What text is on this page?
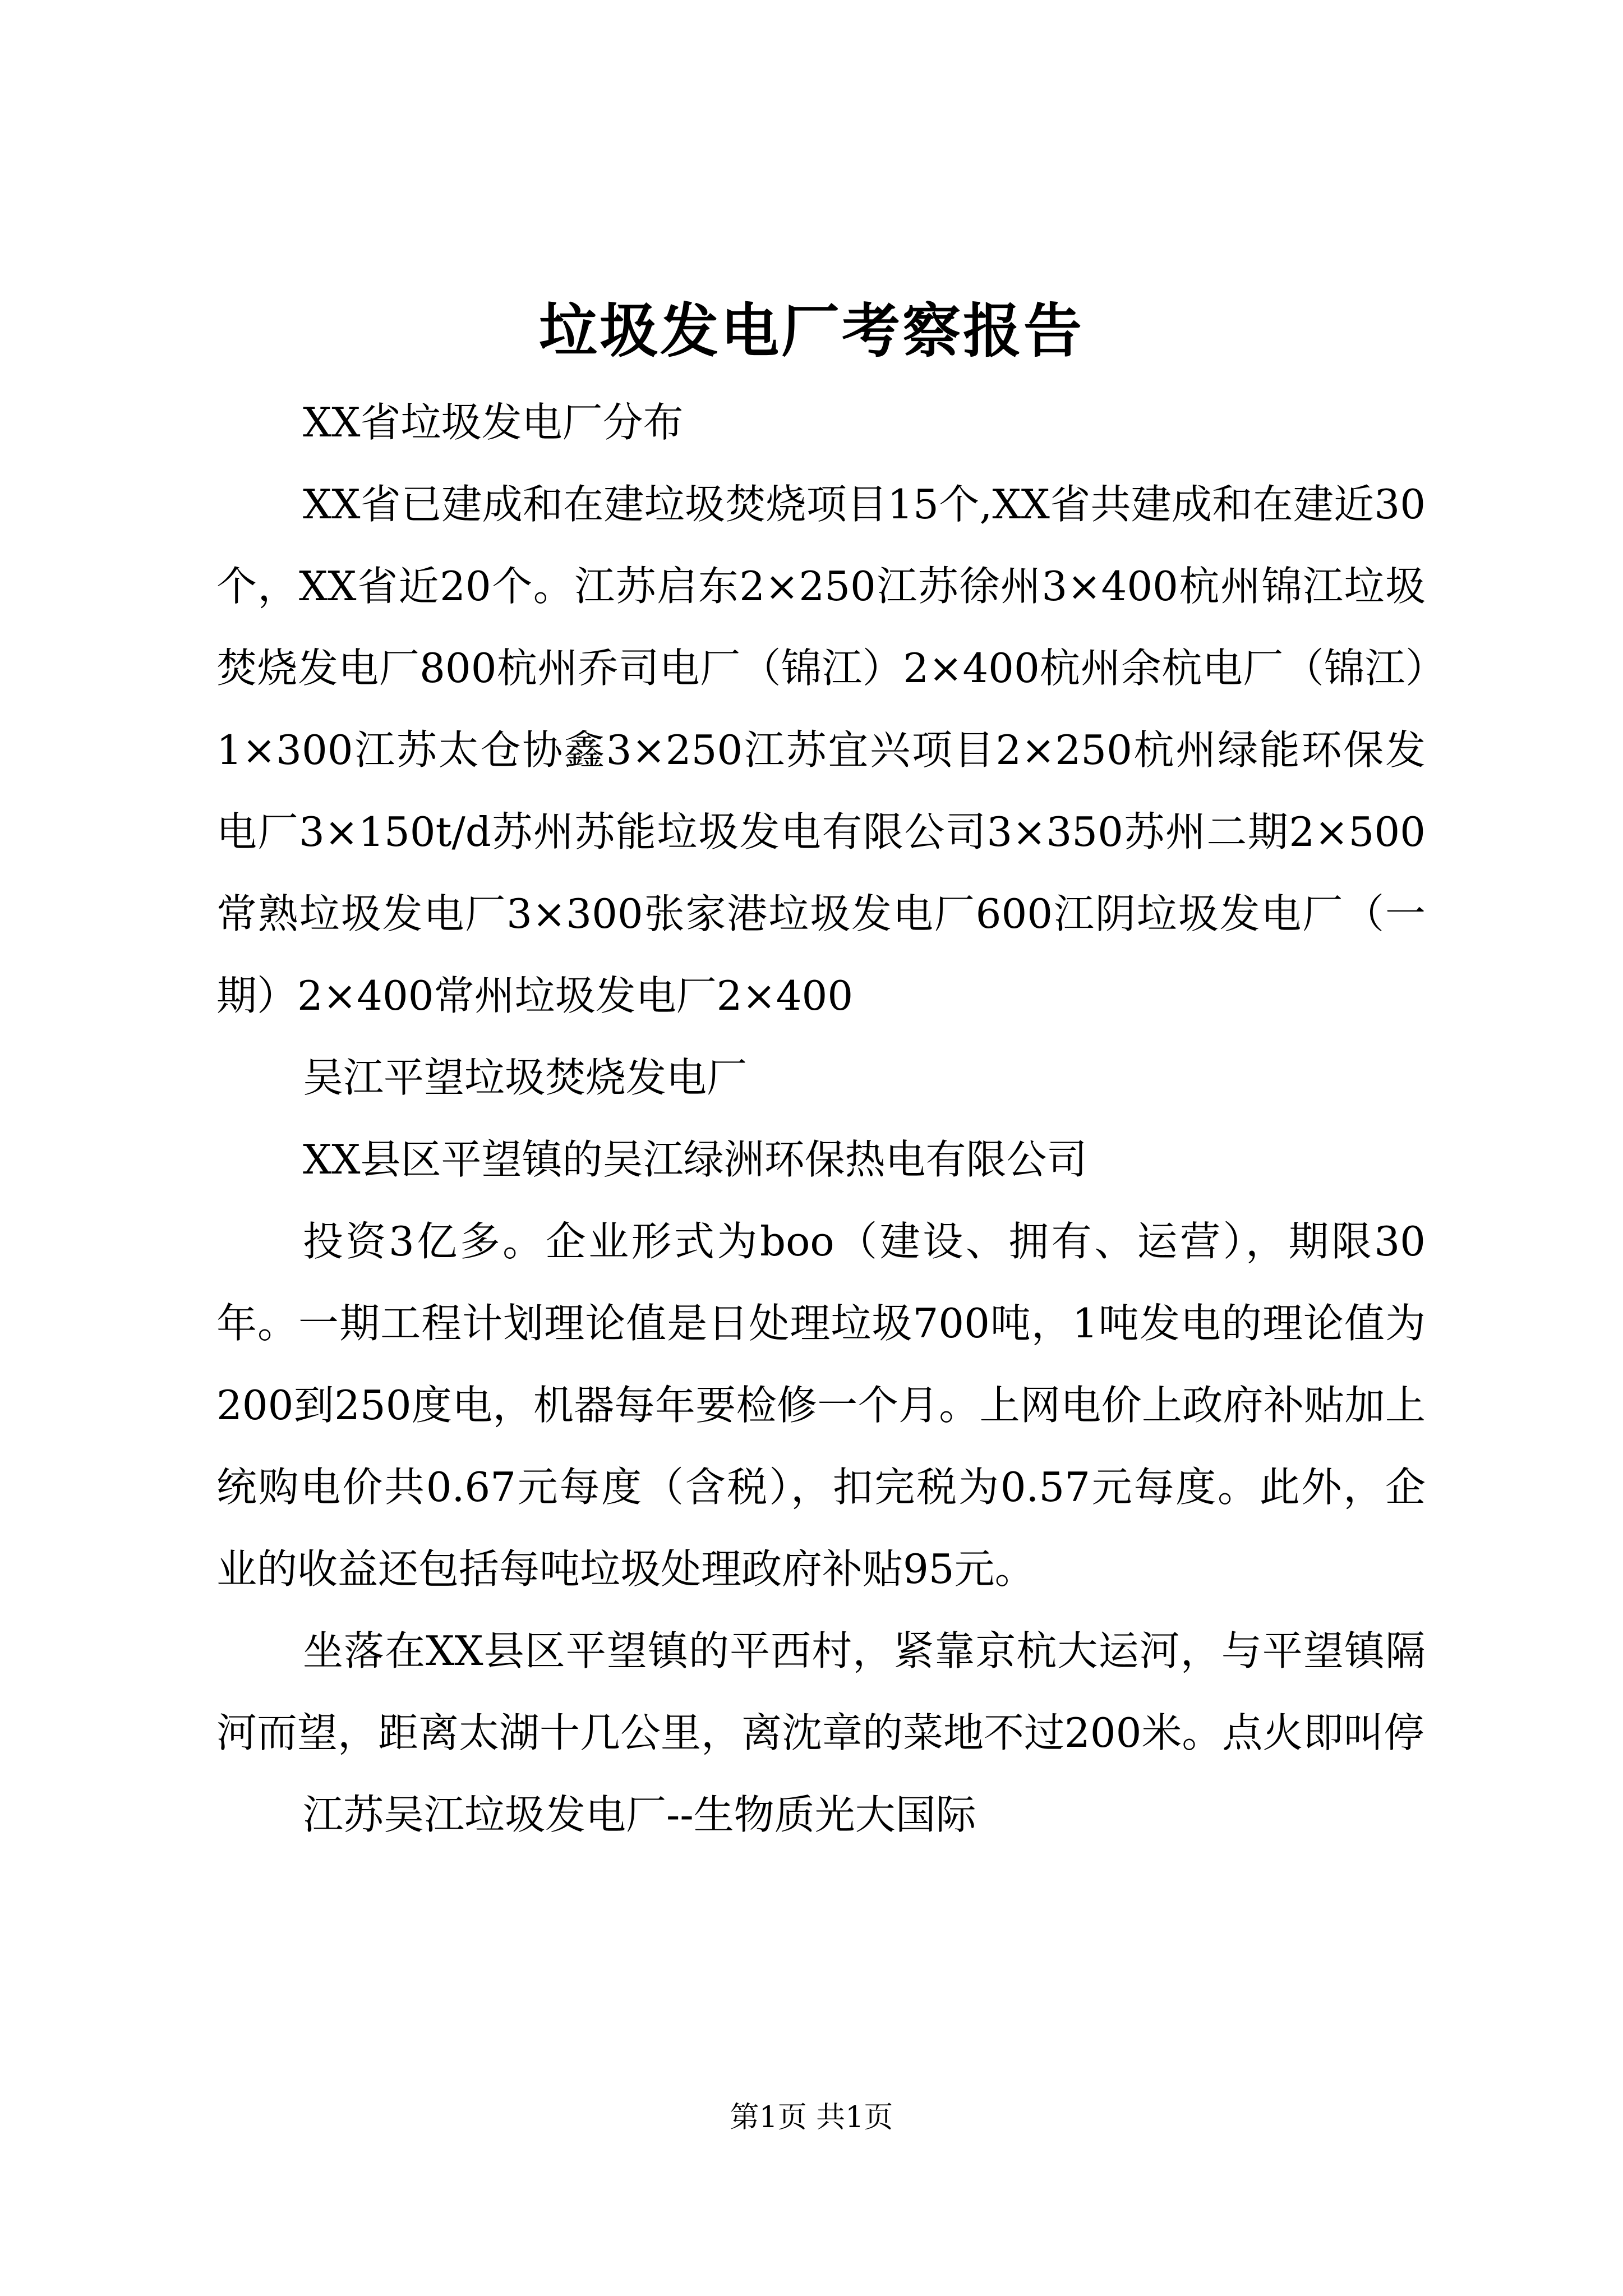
垃圾发电厂考察报告

XX省垃圾发电厂分布

XX省已建成和在建垃圾焚烧项目15个,XX省共建成和在建近30个，XX省近20个。江苏启东2×250江苏徐州3×400杭州锦江垃圾焚烧发电厂800杭州乔司电厂（锦江）2×400杭州余杭电厂（锦江）1×300江苏太仓协鑫3×250江苏宜兴项目2×250杭州绿能环保发电厂3×150t/d苏州苏能垃圾发电有限公司3×350苏州二期2×500常熟垃圾发电厂3×300张家港垃圾发电厂600江阴垃圾发电厂（一期）2×400常州垃圾发电厂2×400

吴江平望垃圾焚烧发电厂

XX县区平望镇的吴江绿洲环保热电有限公司

投资3亿多。企业形式为boo（建设、拥有、运营），期限30年。一期工程计划理论值是日处理垃圾700吨，1吨发电的理论值为200到250度电，机器每年要检修一个月。上网电价上政府补贴加上统购电价共0.67元每度（含税），扣完税为0.57元每度。此外，企业的收益还包括每吨垃圾处理政府补贴95元。

坐落在XX县区平望镇的平西村，紧靠京杭大运河，与平望镇隔河而望，距离太湖十几公里，离沈章的菜地不过200米。点火即叫停

江苏吴江垃圾发电厂--生物质光大国际

第1页 共1页
